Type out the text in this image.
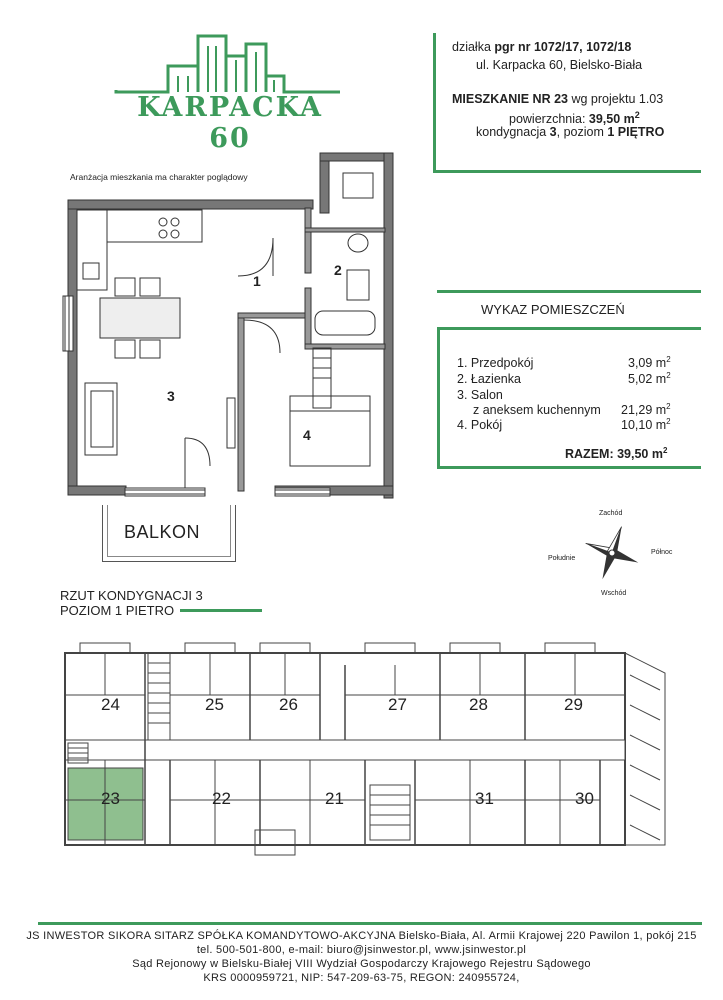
KARPACKA 60
działka pgr nr 1072/17, 1072/18
ul. Karpacka 60, Bielsko-Biała
MIESZKANIE NR 23 wg projektu 1.03
powierzchnia: 39,50 $m^2$
kondygnacja 3, poziom 1 PIĘTRO
Aranżacja mieszkania ma charakter poglądowy
1
2
3
4
BALKON
WYKAZ POMIESZCZEŃ
1. Przedpokój	3,09 $m^2$
2. Łazienka	5,02 $m^2$
3. Salon
z aneksem kuchennym 21,29 $m^2$
4. Pokój	10,10 $m^2$
RAZEM: 39,50 $m^2$
Zachód
Północ
Wschód
Południe
RZUT KONDYGNACJI 3
POZIOM 1 PIETRO
24	25	26	27	28	29
23	22	21	31	30
JS INWESTOR SIKORA SITARZ SPÓŁKA KOMANDYTOWO-AKCYJNA Bielsko-Biała, Al. Armii Krajowej 220 Pawilon 1, pokój 215
tel. 500-501-800, e-mail: biuro@jsinwestor.pl, www.jsinwestor.pl
Sąd Rejonowy w Bielsku-Białej VIII Wydział Gospodarczy Krajowego Rejestru Sądowego
KRS 0000959721, NIP: 547-209-63-75, REGON: 240955724,
